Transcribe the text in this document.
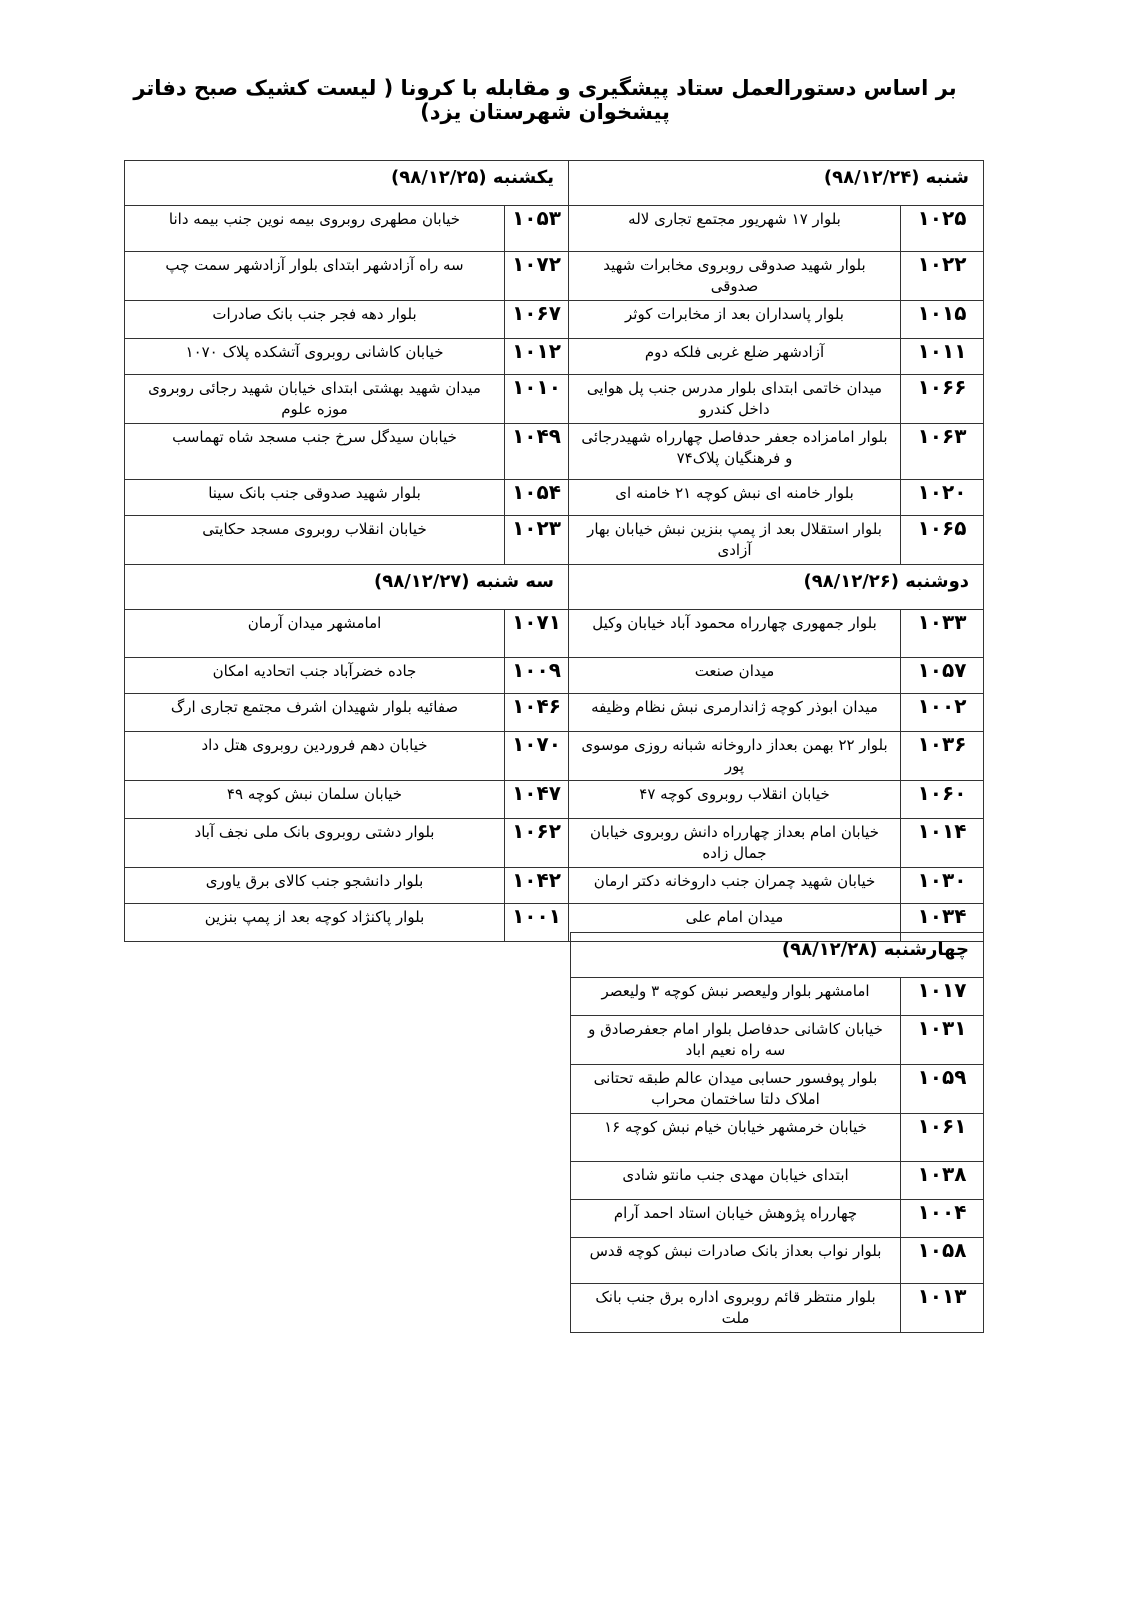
بر اساس دستورالعمل ستاد پیشگیری و مقابله با کرونا ( لیست کشیک صبح دفاتر پیشخوان شهرستان یزد)
شنبه (۹۸/۱۲/۲۴)		یکشنبه (۹۸/۱۲/۲۵)	
۱۰۲۵	بلوار ۱۷ شهریور مجتمع تجاری لاله	۱۰۵۳	خیابان مطهری روبروی بیمه نوین جنب بیمه دانا
۱۰۲۲	بلوار شهید صدوقی روبروی مخابرات شهید صدوقی	۱۰۷۲	سه راه آزادشهر ابتدای بلوار آزادشهر سمت چپ
۱۰۱۵	بلوار پاسداران بعد از مخابرات کوثر	۱۰۶۷	بلوار دهه فجر جنب بانک صادرات
۱۰۱۱	آزادشهر ضلع غربی فلکه دوم	۱۰۱۲	خیابان کاشانی روبروی آتشکده پلاک ۱۰۷۰
۱۰۶۶	میدان خاتمی ابتدای بلوار مدرس جنب پل هوایی داخل کندرو	۱۰۱۰	میدان شهید بهشتی ابتدای خیابان شهید رجائی روبروی موزه علوم
۱۰۶۳	بلوار امامزاده جعفر حدفاصل چهارراه شهیدرجائی و فرهنگیان پلاک۷۴	۱۰۴۹	خیابان سیدگل سرخ جنب مسجد شاه تهماسب
۱۰۲۰	بلوار خامنه ای نبش کوچه ۲۱ خامنه ای	۱۰۵۴	بلوار شهید صدوقی جنب بانک سینا
۱۰۶۵	بلوار استقلال بعد از پمپ بنزین نبش خیابان بهار آزادی	۱۰۲۳	خیابان انقلاب روبروی مسجد حکایتی
دوشنبه (۹۸/۱۲/۲۶)		سه شنبه (۹۸/۱۲/۲۷)	
۱۰۳۳	بلوار جمهوری چهارراه محمود آباد خیابان وکیل	۱۰۷۱	امامشهر میدان آرمان
۱۰۵۷	میدان صنعت	۱۰۰۹	جاده خضرآباد جنب اتحادیه امکان
۱۰۰۲	میدان ابوذر کوچه ژاندارمری نبش نظام وظیفه	۱۰۴۶	صفائیه بلوار شهیدان اشرف مجتمع تجاری ارگ
۱۰۳۶	بلوار ۲۲ بهمن بعداز داروخانه شبانه روزی موسوی پور	۱۰۷۰	خیابان دهم فروردین روبروی هتل داد
۱۰۶۰	خیابان انقلاب روبروی کوچه ۴۷	۱۰۴۷	خیابان سلمان نبش کوچه ۴۹
۱۰۱۴	خیابان امام بعداز چهارراه دانش روبروی خیابان جمال زاده	۱۰۶۲	بلوار دشتی روبروی بانک ملی نجف آباد
۱۰۳۰	خیابان شهید چمران جنب داروخانه دکتر ارمان	۱۰۴۲	بلوار دانشجو جنب کالای برق یاوری
۱۰۳۴	میدان امام علی	۱۰۰۱	بلوار پاکنژاد کوچه بعد از پمپ بنزین
چهارشنبه (۹۸/۱۲/۲۸)	
۱۰۱۷	امامشهر بلوار ولیعصر نبش کوچه ۳ ولیعصر
۱۰۳۱	خیابان کاشانی حدفاصل بلوار امام جعفرصادق و سه راه نعیم اباد
۱۰۵۹	بلوار پوفسور حسابی میدان عالم طبقه تحتانی املاک دلتا ساختمان محراب
۱۰۶۱	خیابان خرمشهر خیابان خیام نبش کوچه ۱۶
۱۰۳۸	ابتدای خیابان مهدی جنب مانتو شادی
۱۰۰۴	چهارراه پژوهش خیابان استاد احمد آرام
۱۰۵۸	بلوار نواب بعداز بانک صادرات نبش کوچه قدس
۱۰۱۳	بلوار منتظر قائم روبروی اداره برق جنب بانک ملت
